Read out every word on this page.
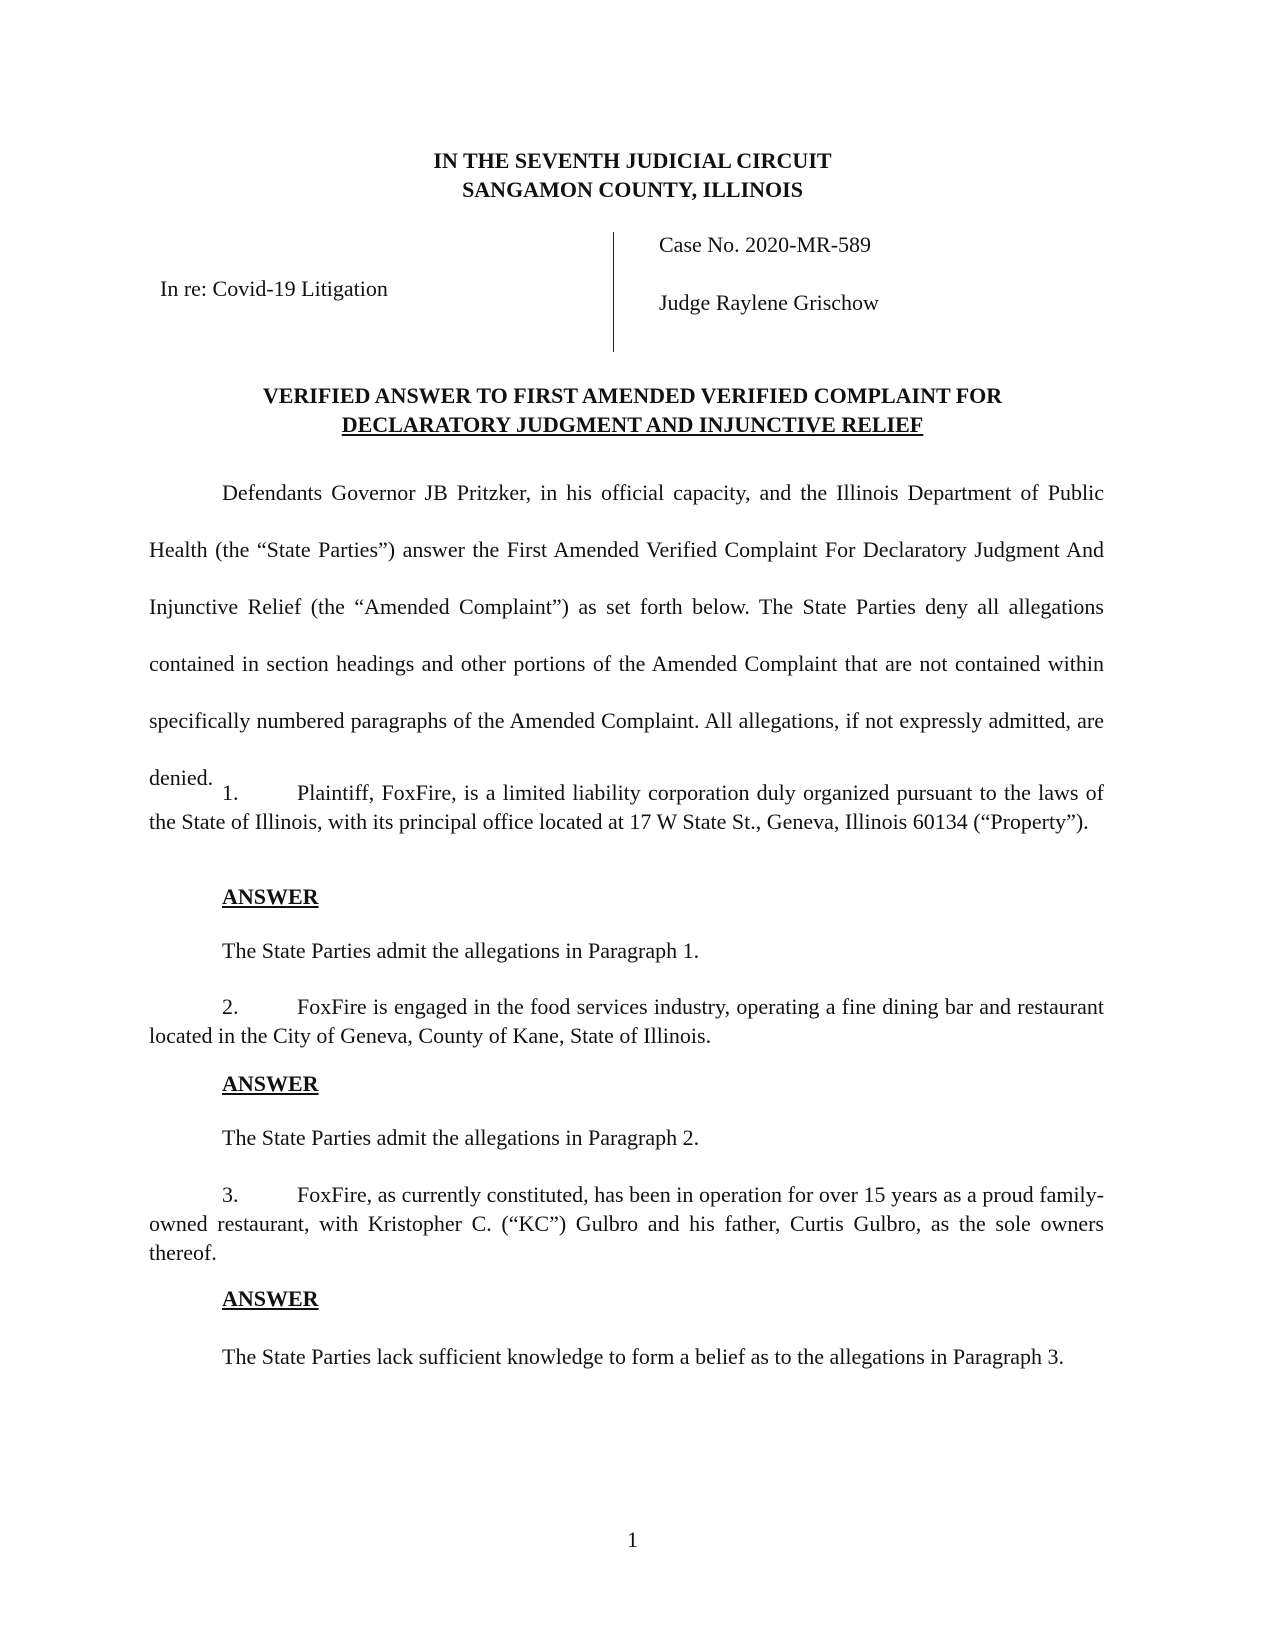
IN THE SEVENTH JUDICIAL CIRCUIT
SANGAMON COUNTY, ILLINOIS
In re: Covid-19 Litigation
Case No. 2020-MR-589
Judge Raylene Grischow
VERIFIED ANSWER TO FIRST AMENDED VERIFIED COMPLAINT FOR
DECLARATORY JUDGMENT AND INJUNCTIVE RELIEF

Defendants Governor JB Pritzker, in his official capacity, and the Illinois Department of Public Health (the “State Parties”) answer the First Amended Verified Complaint For Declaratory Judgment And Injunctive Relief (the “Amended Complaint”) as set forth below. The State Parties deny all allegations contained in section headings and other portions of the Amended Complaint that are not contained within specifically numbered paragraphs of the Amended Complaint. All allegations, if not expressly admitted, are denied.

1.	Plaintiff, FoxFire, is a limited liability corporation duly organized pursuant to the laws of the State of Illinois, with its principal office located at 17 W State St., Geneva, Illinois 60134 (“Property”).

ANSWER
The State Parties admit the allegations in Paragraph 1.

2.	FoxFire is engaged in the food services industry, operating a fine dining bar and restaurant located in the City of Geneva, County of Kane, State of Illinois.

ANSWER
The State Parties admit the allegations in Paragraph 2.

3.	FoxFire, as currently constituted, has been in operation for over 15 years as a proud family-owned restaurant, with Kristopher C. (“KC”) Gulbro and his father, Curtis Gulbro, as the sole owners thereof.

ANSWER

The State Parties lack sufficient knowledge to form a belief as to the allegations in Paragraph 3.

1
